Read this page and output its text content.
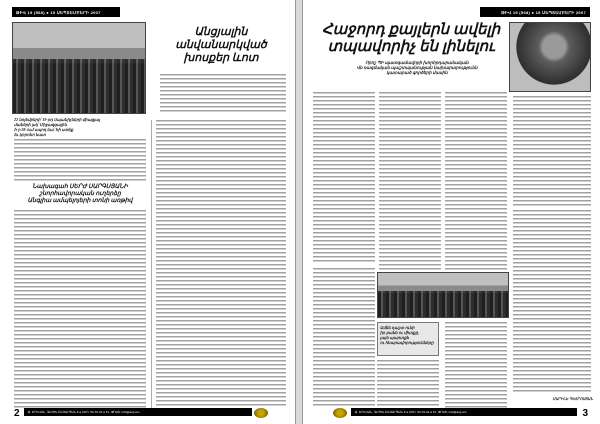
ԹԻՎ 19 (568) ● 15 ՍԵՊՏԵՄԲԵՐԻ 2007
Անցյալին
անվանարկված
խոսքեր ևոտ
22 նոյեմբերի՝ 19-րդ Սպանիչների միացյալ
մաների լսկ՝ Միջազգային
հ-ր 28-ում սպոդ նա՝ հի ստեք
եւ կորոնո նատ
Նախագահ ՍԵՐԺ ՍԱՐԳՍՅԱՆԻ
շնորհավորական ուղերձը
Անգլիա ամպելոյերի տոնի առթիվ
2	Ք. ԵՐԵՎԱՆ, ԳԼՈՒԽ ԲԱԶԱՐՅԱՆ 6 ● ՀԵՌ. 52-76-31 ● ԷԼ. ՓՈՍՏ: info@azg.am
ԹԻՎ 19 (568) ● 15 ՍԵՊՏԵՄԲԵՐԻ 2007
Հաջորդ քայլերն ավելի
տպավորիչ են լինելու
Որոշ ՊԻ պատգամավորի խորհրդարանական
Վն ռազմական պաշտպանության նախարարությունն
կատարած գործերի մասին
Ամեն դաշտ ունի
իր բանն ու միտքը,
լայն պարտքն
ու հնարավորությունները
ՄԱՐԻՆԵ ՊԵՏՐՈՍՅԱՆ
Ք. ԵՐԵՎԱՆ, ԳԼՈՒԽ ԲԱԶԱՐՅԱՆ 6 ● ՀԵՌ. 52-76-31 ● ԷԼ. ՓՈՍՏ: info@azg.am	3
